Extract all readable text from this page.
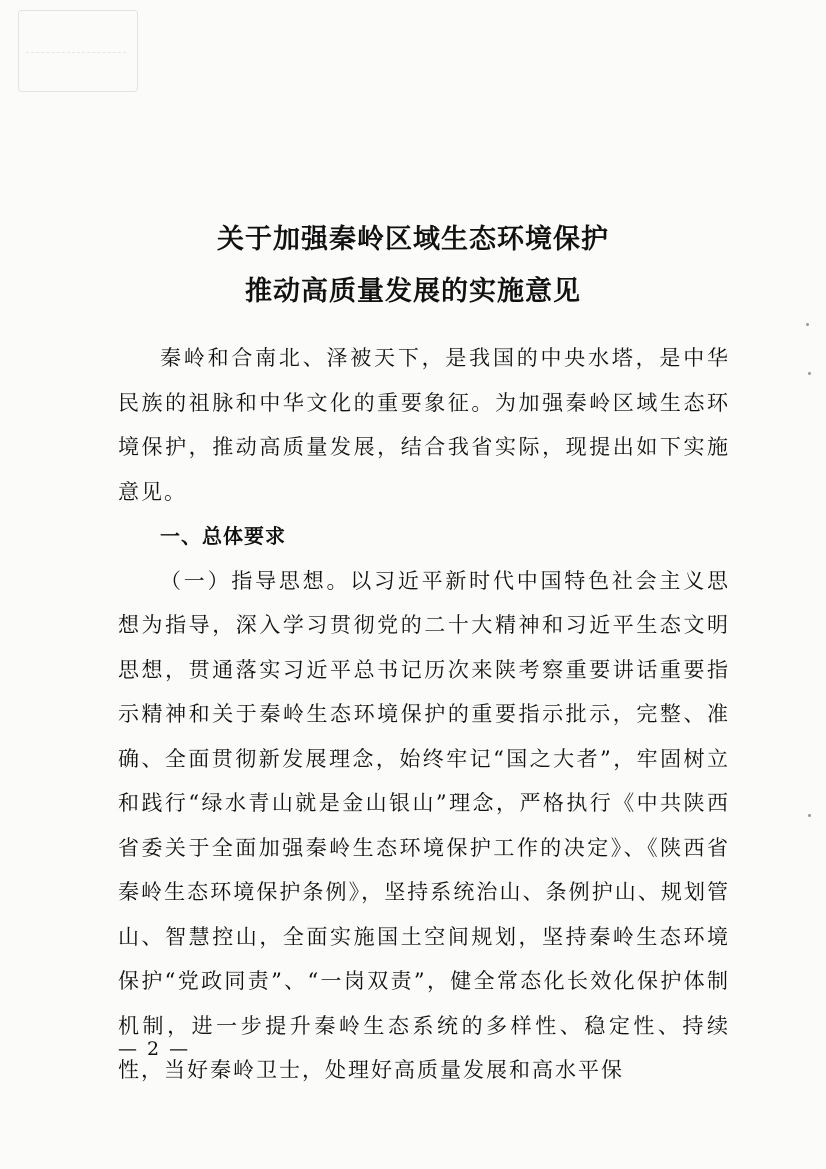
关于加强秦岭区域生态环境保护
推动高质量发展的实施意见

秦岭和合南北、泽被天下，是我国的中央水塔，是中华民族的祖脉和中华文化的重要象征。为加强秦岭区域生态环境保护，推动高质量发展，结合我省实际，现提出如下实施意见。

一、总体要求

（一）指导思想。以习近平新时代中国特色社会主义思想为指导，深入学习贯彻党的二十大精神和习近平生态文明思想，贯通落实习近平总书记历次来陕考察重要讲话重要指示精神和关于秦岭生态环境保护的重要指示批示，完整、准确、全面贯彻新发展理念，始终牢记“国之大者”，牢固树立和践行“绿水青山就是金山银山”理念，严格执行《中共陕西省委关于全面加强秦岭生态环境保护工作的决定》、《陕西省秦岭生态环境保护条例》，坚持系统治山、条例护山、规划管山、智慧控山，全面实施国土空间规划，坚持秦岭生态环境保护“党政同责”、“一岗双责”，健全常态化长效化保护体制机制，进一步提升秦岭生态系统的多样性、稳定性、持续性，当好秦岭卫士，处理好高质量发展和高水平保

— 2 —
